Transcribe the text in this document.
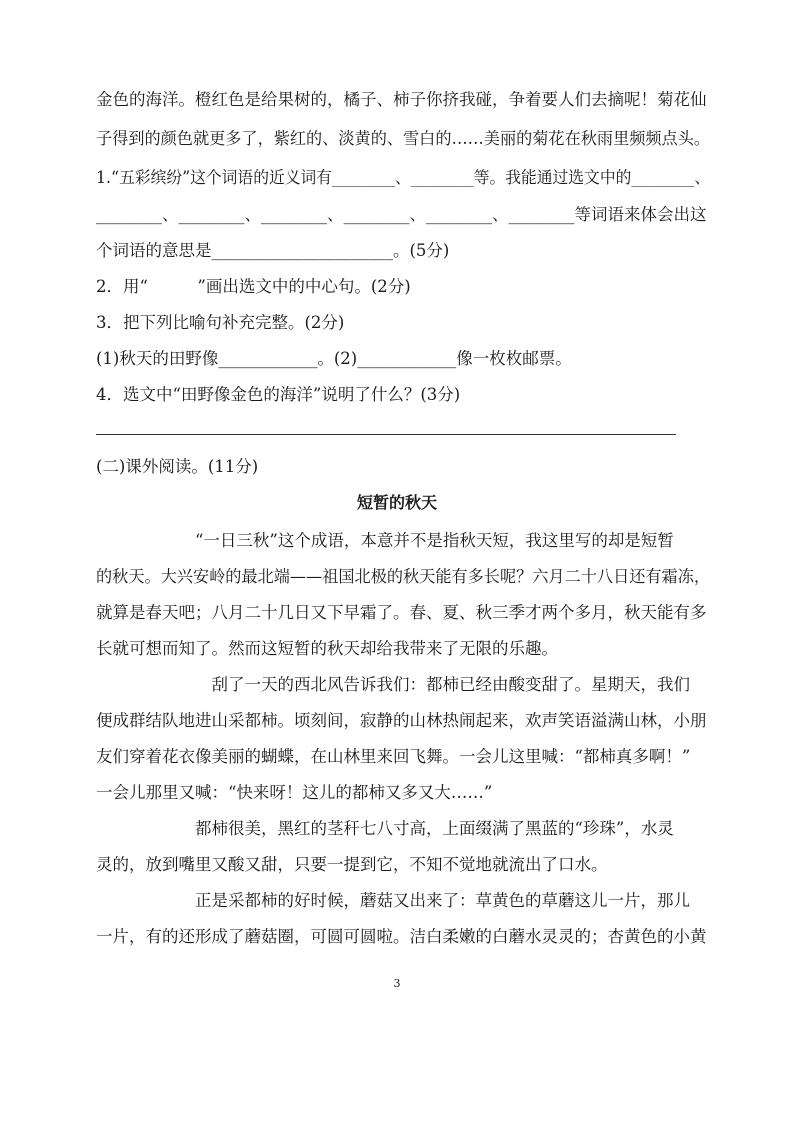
金色的海洋。橙红色是给果树的，橘子、柿子你挤我碰，争着要人们去摘呢！菊花仙
子得到的颜色就更多了，紫红的、淡黄的、雪白的……美丽的菊花在秋雨里频频点头。
1.“五彩缤纷”这个词语的近义词有________、________等。我能通过选文中的________、
________、________、________、________、________、________等词语来体会出这
个词语的意思是______________________。(5分)
2．用“　　　”画出选文中的中心句。(2分)
3．把下列比喻句补充完整。(2分)
(1)秋天的田野像____________。(2)____________像一枚枚邮票。
4．选文中“田野像金色的海洋”说明了什么？(3分)
(二)课外阅读。(11分)
　　　　　　“一日三秋”这个成语，本意并不是指秋天短，我这里写的却是短暂
的秋天。大兴安岭的最北端——祖国北极的秋天能有多长呢？六月二十八日还有霜冻，
就算是春天吧；八月二十几日又下早霜了。春、夏、秋三季才两个多月，秋天能有多
长就可想而知了。然而这短暂的秋天却给我带来了无限的乐趣。
　　　　　　　刮了一天的西北风告诉我们：都柿已经由酸变甜了。星期天，我们
便成群结队地进山采都柿。顷刻间，寂静的山林热闹起来，欢声笑语溢满山林，小朋
友们穿着花衣像美丽的蝴蝶，在山林里来回飞舞。一会儿这里喊：“都柿真多啊！”
一会儿那里又喊：“快来呀！这儿的都柿又多又大……”
　　　　　　都柿很美，黑红的茎秆七八寸高，上面缀满了黑蓝的“珍珠”，水灵
灵的，放到嘴里又酸又甜，只要一提到它，不知不觉地就流出了口水。
　　　　　　正是采都柿的好时候，蘑菇又出来了：草黄色的草蘑这儿一片，那儿
一片，有的还形成了蘑菇圈，可圆可圆啦。洁白柔嫩的白蘑水灵灵的；杏黄色的小黄
短暂的秋天
3
